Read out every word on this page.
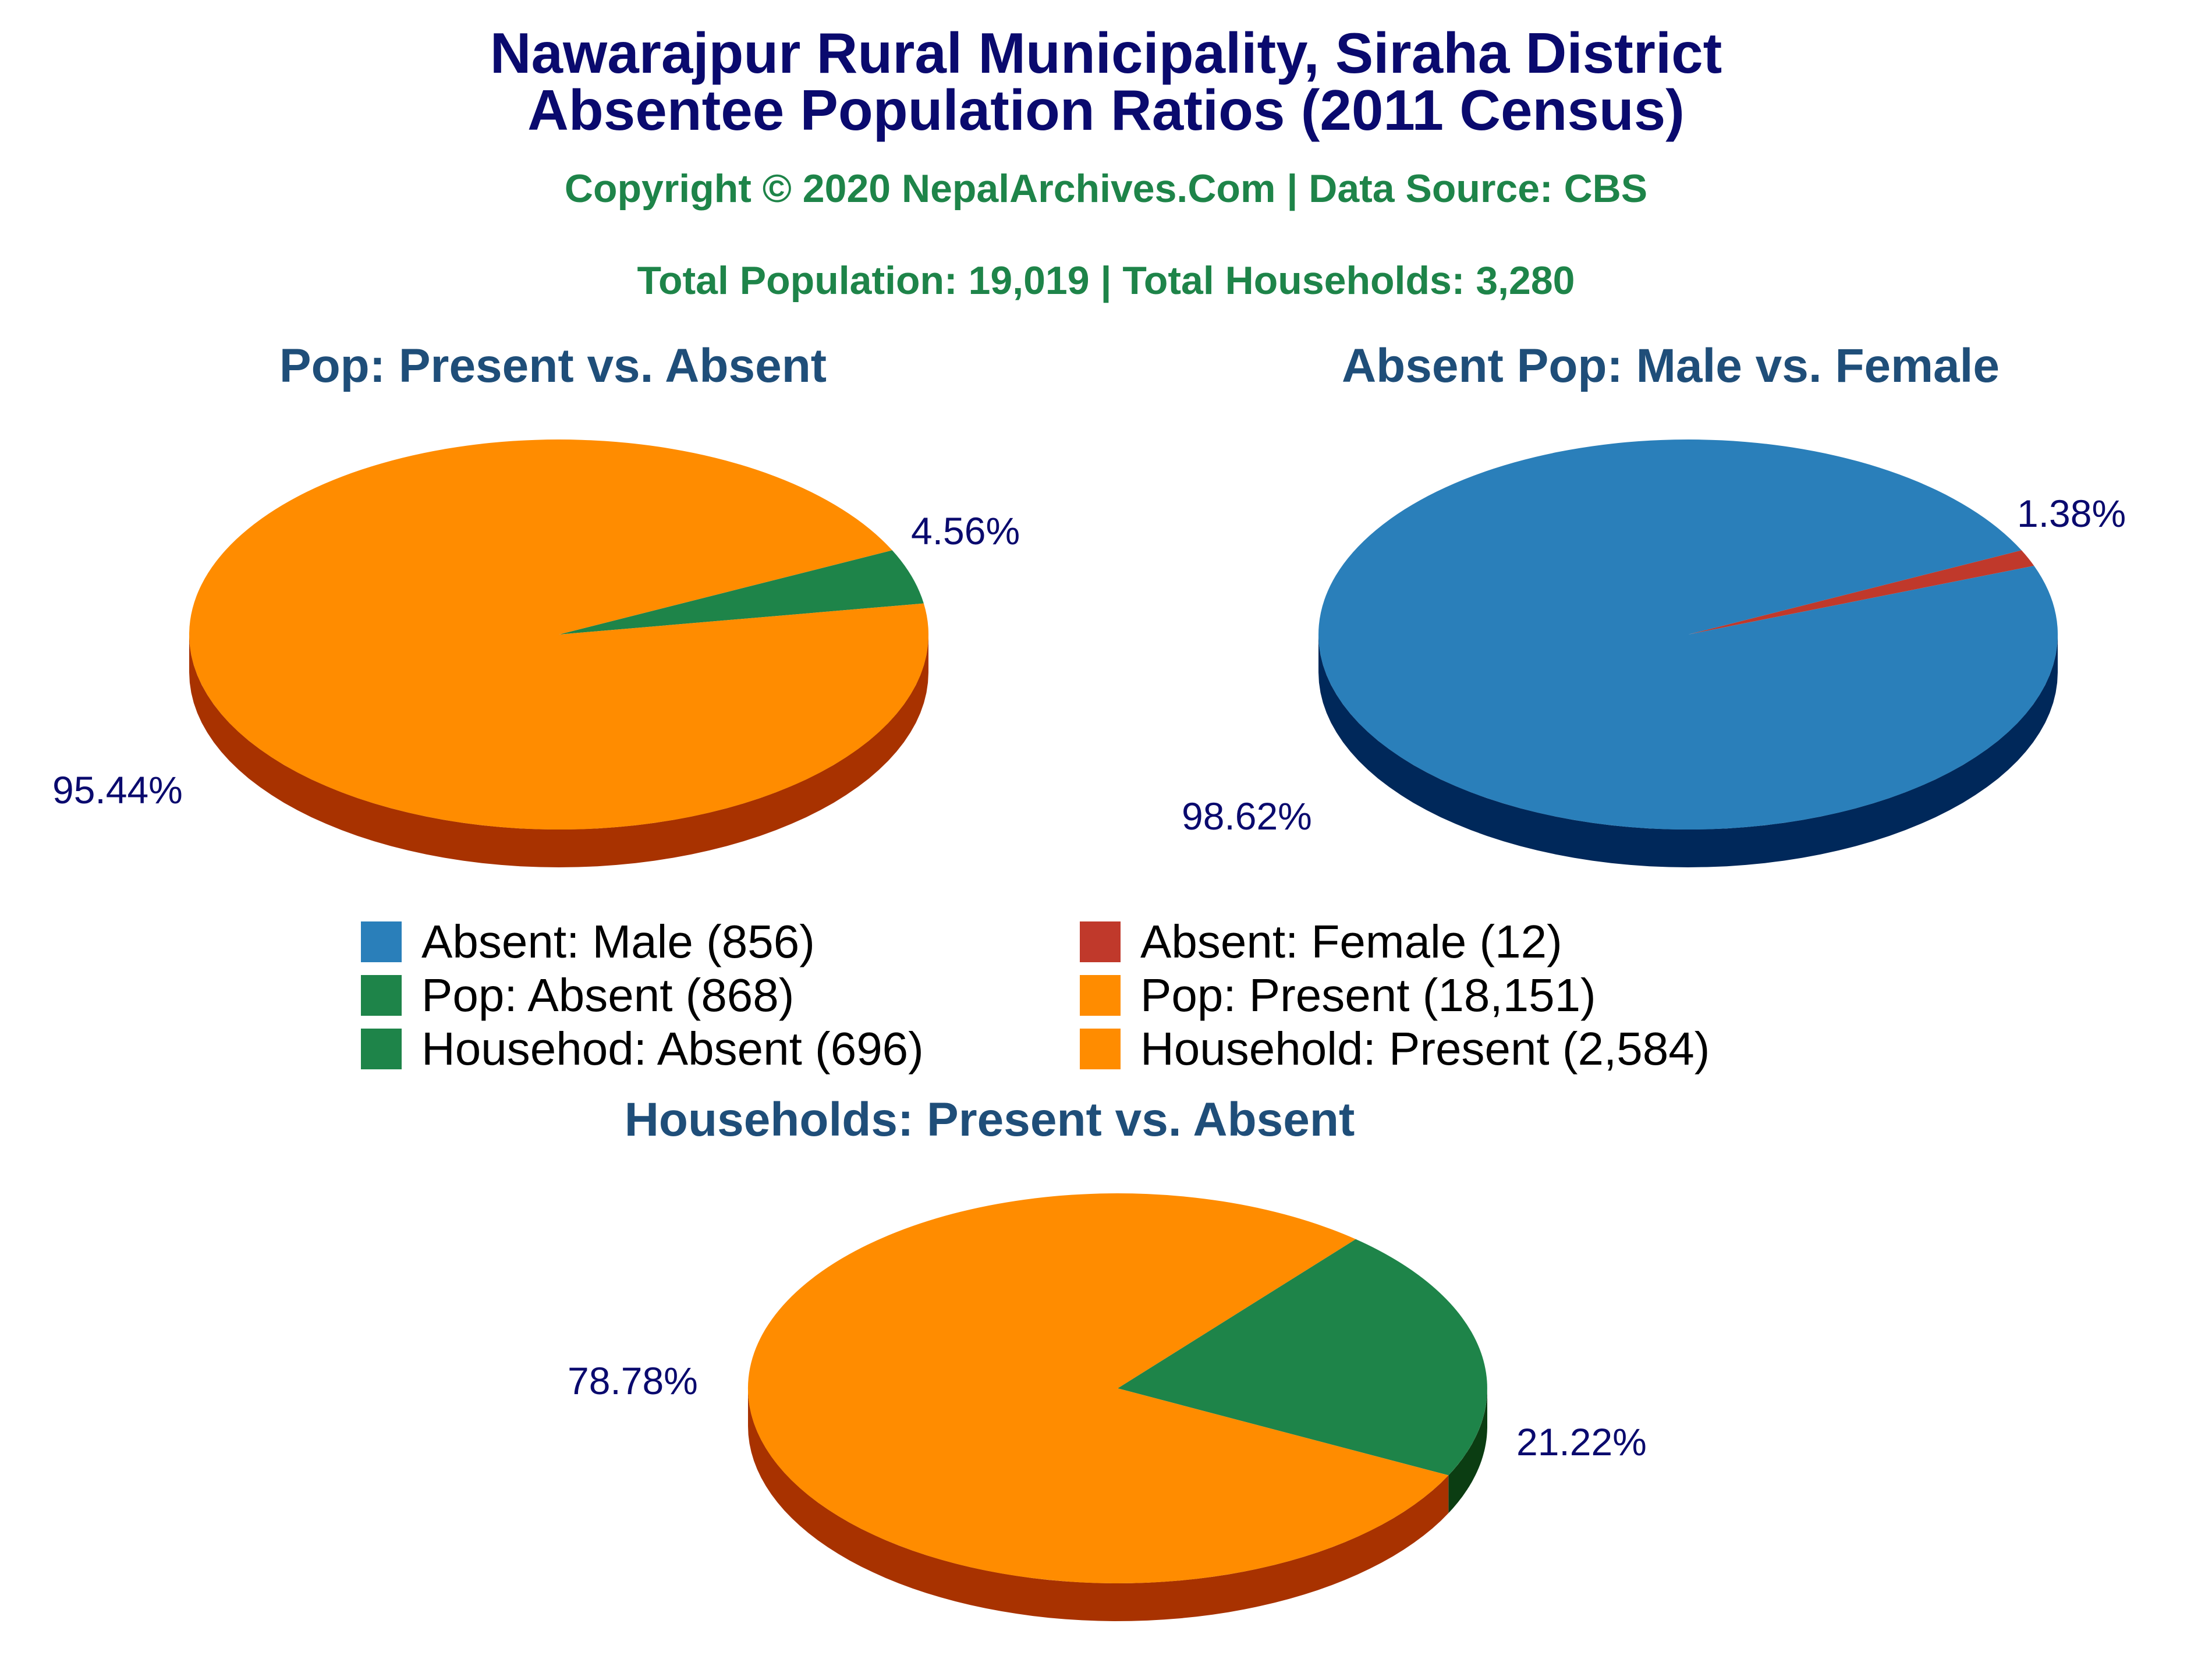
Nawarajpur Rural Municipality, Siraha District
Absentee Population Ratios (2011 Census)
Copyright © 2020 NepalArchives.Com | Data Source: CBS
Total Population: 19,019 | Total Households: 3,280
Pop: Present vs. Absent	Absent Pop: Male vs. Female
Households: Present vs. Absent
4.56%
95.44%
1.38%
98.62%
21.22%
78.78%
Absent: Male (856)	Absent: Female (12)
Pop: Absent (868)	Pop: Present (18,151)
Househod: Absent (696)	Household: Present (2,584)
